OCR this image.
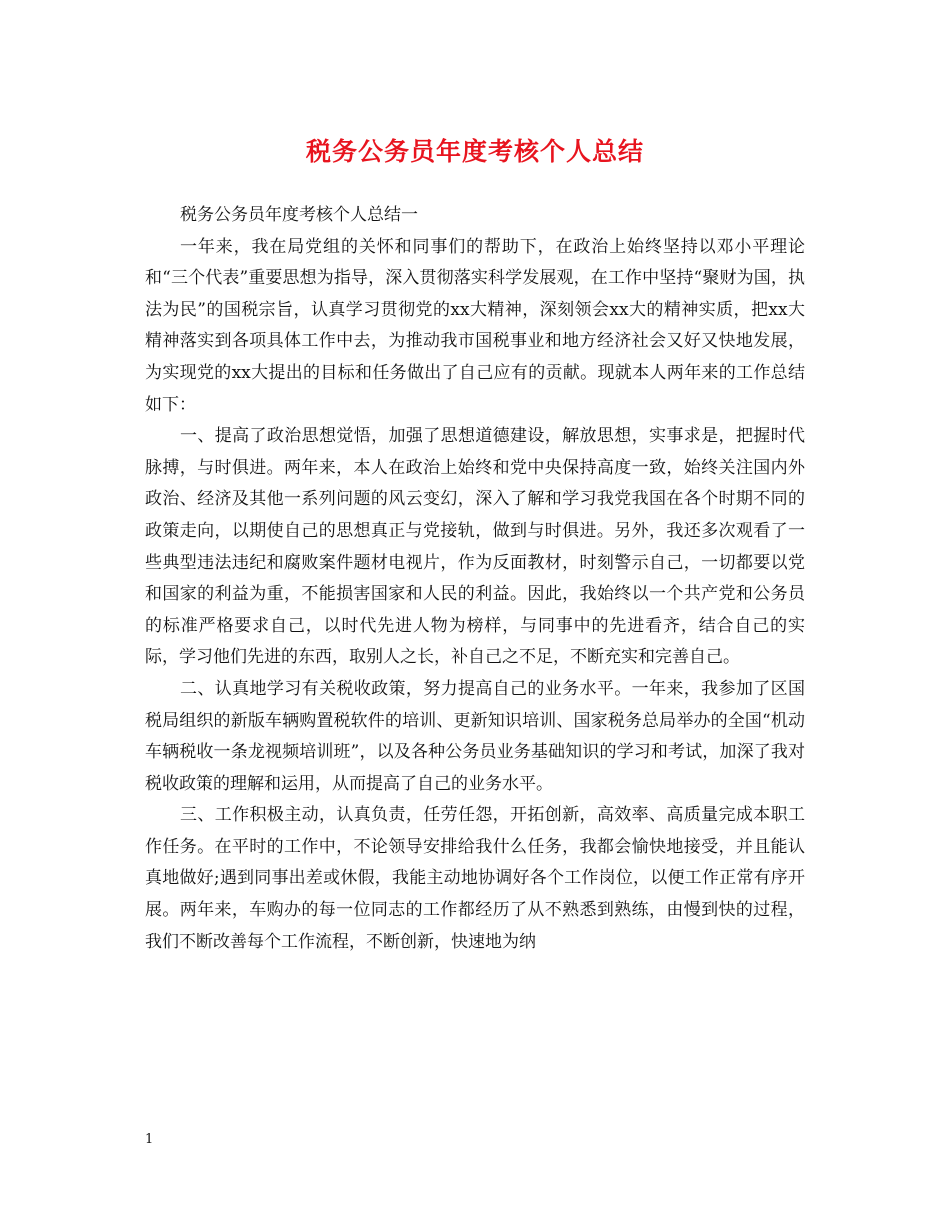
税务公务员年度考核个人总结

税务公务员年度考核个人总结一

一年来，我在局党组的关怀和同事们的帮助下，在政治上始终坚持以邓小平理论和“三个代表”重要思想为指导，深入贯彻落实科学发展观，在工作中坚持“聚财为国，执法为民”的国税宗旨，认真学习贯彻党的xx大精神，深刻领会xx大的精神实质，把xx大精神落实到各项具体工作中去，为推动我市国税事业和地方经济社会又好又快地发展，为实现党的xx大提出的目标和任务做出了自己应有的贡献。现就本人两年来的工作总结如下：

一、提高了政治思想觉悟，加强了思想道德建设，解放思想，实事求是，把握时代脉搏，与时俱进。两年来，本人在政治上始终和党中央保持高度一致，始终关注国内外政治、经济及其他一系列问题的风云变幻，深入了解和学习我党我国在各个时期不同的政策走向，以期使自己的思想真正与党接轨，做到与时俱进。另外，我还多次观看了一些典型违法违纪和腐败案件题材电视片，作为反面教材，时刻警示自己，一切都要以党和国家的利益为重，不能损害国家和人民的利益。因此，我始终以一个共产党和公务员的标准严格要求自己，以时代先进人物为榜样，与同事中的先进看齐，结合自己的实际，学习他们先进的东西，取别人之长，补自己之不足，不断充实和完善自己。

二、认真地学习有关税收政策，努力提高自己的业务水平。一年来，我参加了区国税局组织的新版车辆购置税软件的培训、更新知识培训、国家税务总局举办的全国“机动车辆税收一条龙视频培训班”，以及各种公务员业务基础知识的学习和考试，加深了我对税收政策的理解和运用，从而提高了自己的业务水平。

三、工作积极主动，认真负责，任劳任怨，开拓创新，高效率、高质量完成本职工作任务。在平时的工作中，不论领导安排给我什么任务，我都会愉快地接受，并且能认真地做好;遇到同事出差或休假，我能主动地协调好各个工作岗位，以便工作正常有序开展。两年来，车购办的每一位同志的工作都经历了从不熟悉到熟练，由慢到快的过程，我们不断改善每个工作流程，不断创新，快速地为纳

1
